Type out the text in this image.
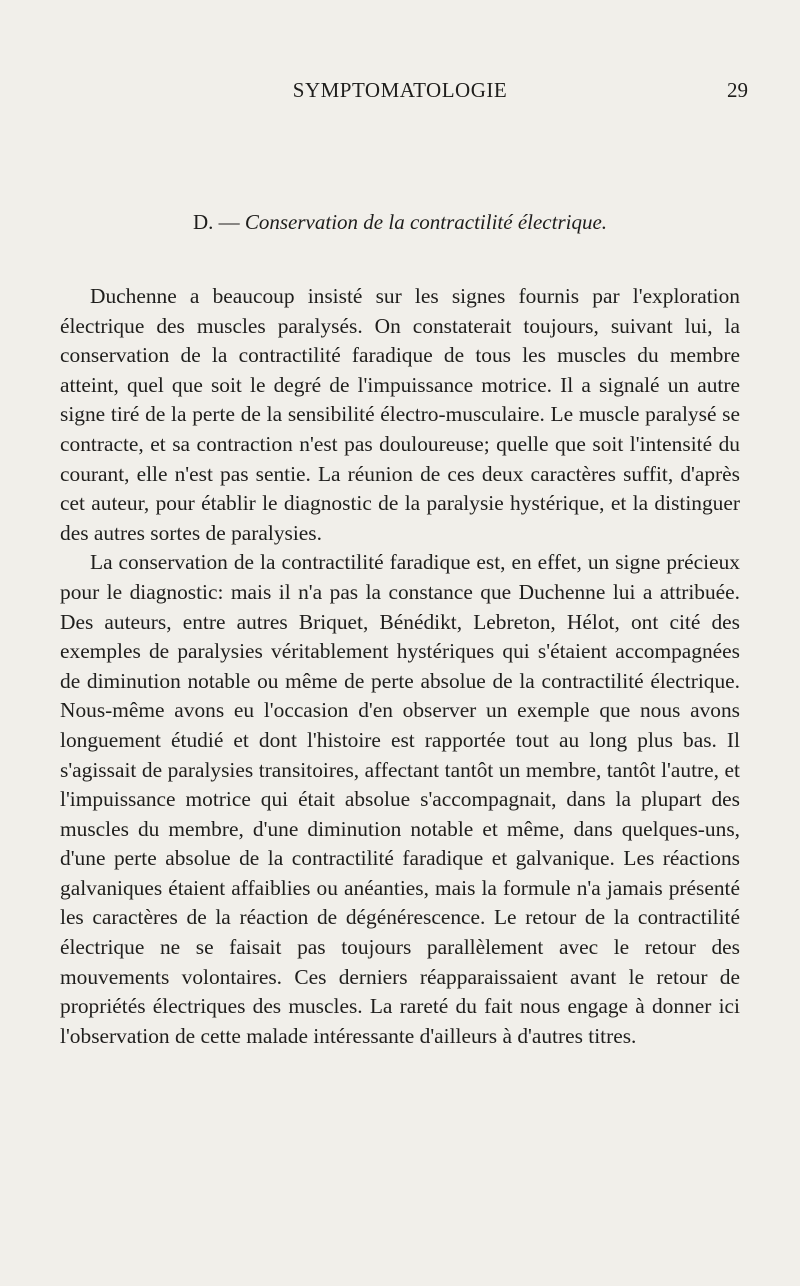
SYMPTOMATOLOGIE	29
D. — Conservation de la contractilité électrique.

Duchenne a beaucoup insisté sur les signes fournis par l'exploration électrique des muscles paralysés. On constaterait toujours, suivant lui, la conservation de la contractilité faradique de tous les muscles du membre atteint, quel que soit le degré de l'impuissance motrice. Il a signalé un autre signe tiré de la perte de la sensibilité électro-musculaire. Le muscle paralysé se contracte, et sa contraction n'est pas douloureuse; quelle que soit l'intensité du courant, elle n'est pas sentie. La réunion de ces deux caractères suffit, d'après cet auteur, pour établir le diagnostic de la paralysie hystérique, et la distinguer des autres sortes de paralysies.

La conservation de la contractilité faradique est, en effet, un signe précieux pour le diagnostic: mais il n'a pas la constance que Duchenne lui a attribuée. Des auteurs, entre autres Briquet, Bénédikt, Lebreton, Hélot, ont cité des exemples de paralysies véritablement hystériques qui s'étaient accompagnées de diminution notable ou même de perte absolue de la contractilité électrique. Nous-même avons eu l'occasion d'en observer un exemple que nous avons longuement étudié et dont l'histoire est rapportée tout au long plus bas. Il s'agissait de paralysies transitoires, affectant tantôt un membre, tantôt l'autre, et l'impuissance motrice qui était absolue s'accompagnait, dans la plupart des muscles du membre, d'une diminution notable et même, dans quelques-uns, d'une perte absolue de la contractilité faradique et galvanique. Les réactions galvaniques étaient affaiblies ou anéanties, mais la formule n'a jamais présenté les caractères de la réaction de dégénérescence. Le retour de la contractilité électrique ne se faisait pas toujours parallèlement avec le retour des mouvements volontaires. Ces derniers réapparaissaient avant le retour de propriétés électriques des muscles. La rareté du fait nous engage à donner ici l'observation de cette malade intéressante d'ailleurs à d'autres titres.
